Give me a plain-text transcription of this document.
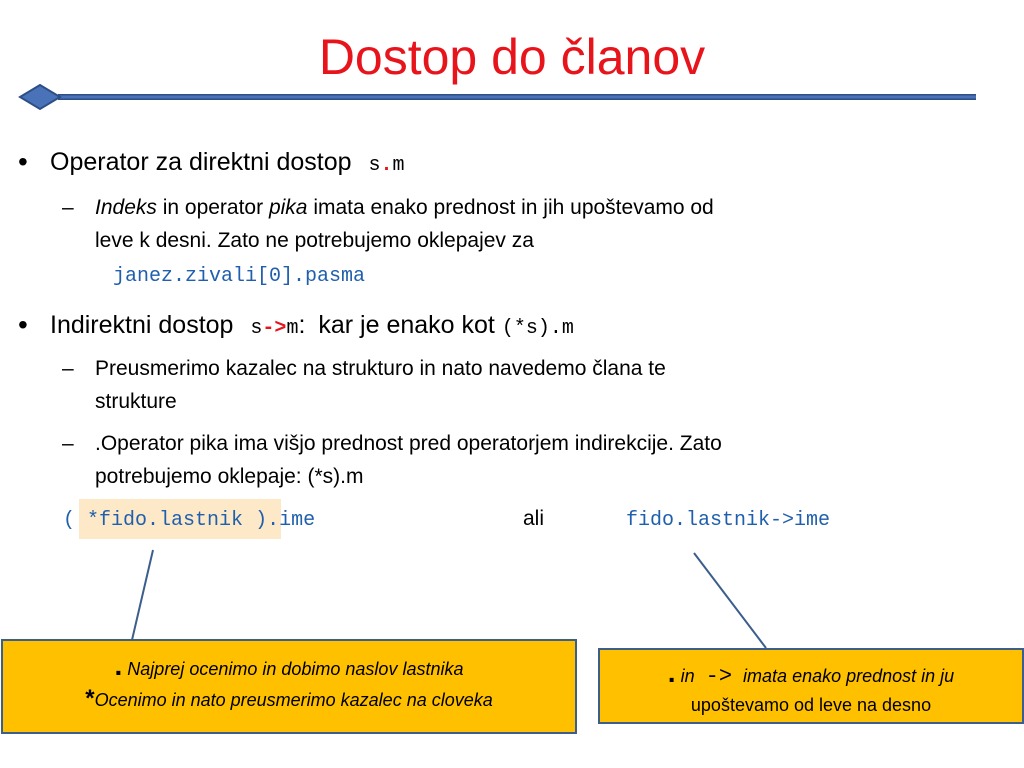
Dostop do članov
• Operator za direktni dostop s.m
– Indeks in operator pika imata enako prednost in jih upoštevamo od
leve k desni. Zato ne potrebujemo oklepajev za
janez.zivali[0].pasma
• Indirektni dostop s->m: kar je enako kot (*s).m
– Preusmerimo kazalec na strukturo in nato navedemo člana te
strukture
– .Operator pika ima višjo prednost pred operatorjem indirekcije. Zato
potrebujemo oklepaje: (*s).m
( *fido.lastnik ).ime	ali	fido.lastnik->ime
. Najprej ocenimo in dobimo naslov lastnika
*Ocenimo in nato preusmerimo kazalec na cloveka
. in -> imata enako prednost in ju
upoštevamo od leve na desno
